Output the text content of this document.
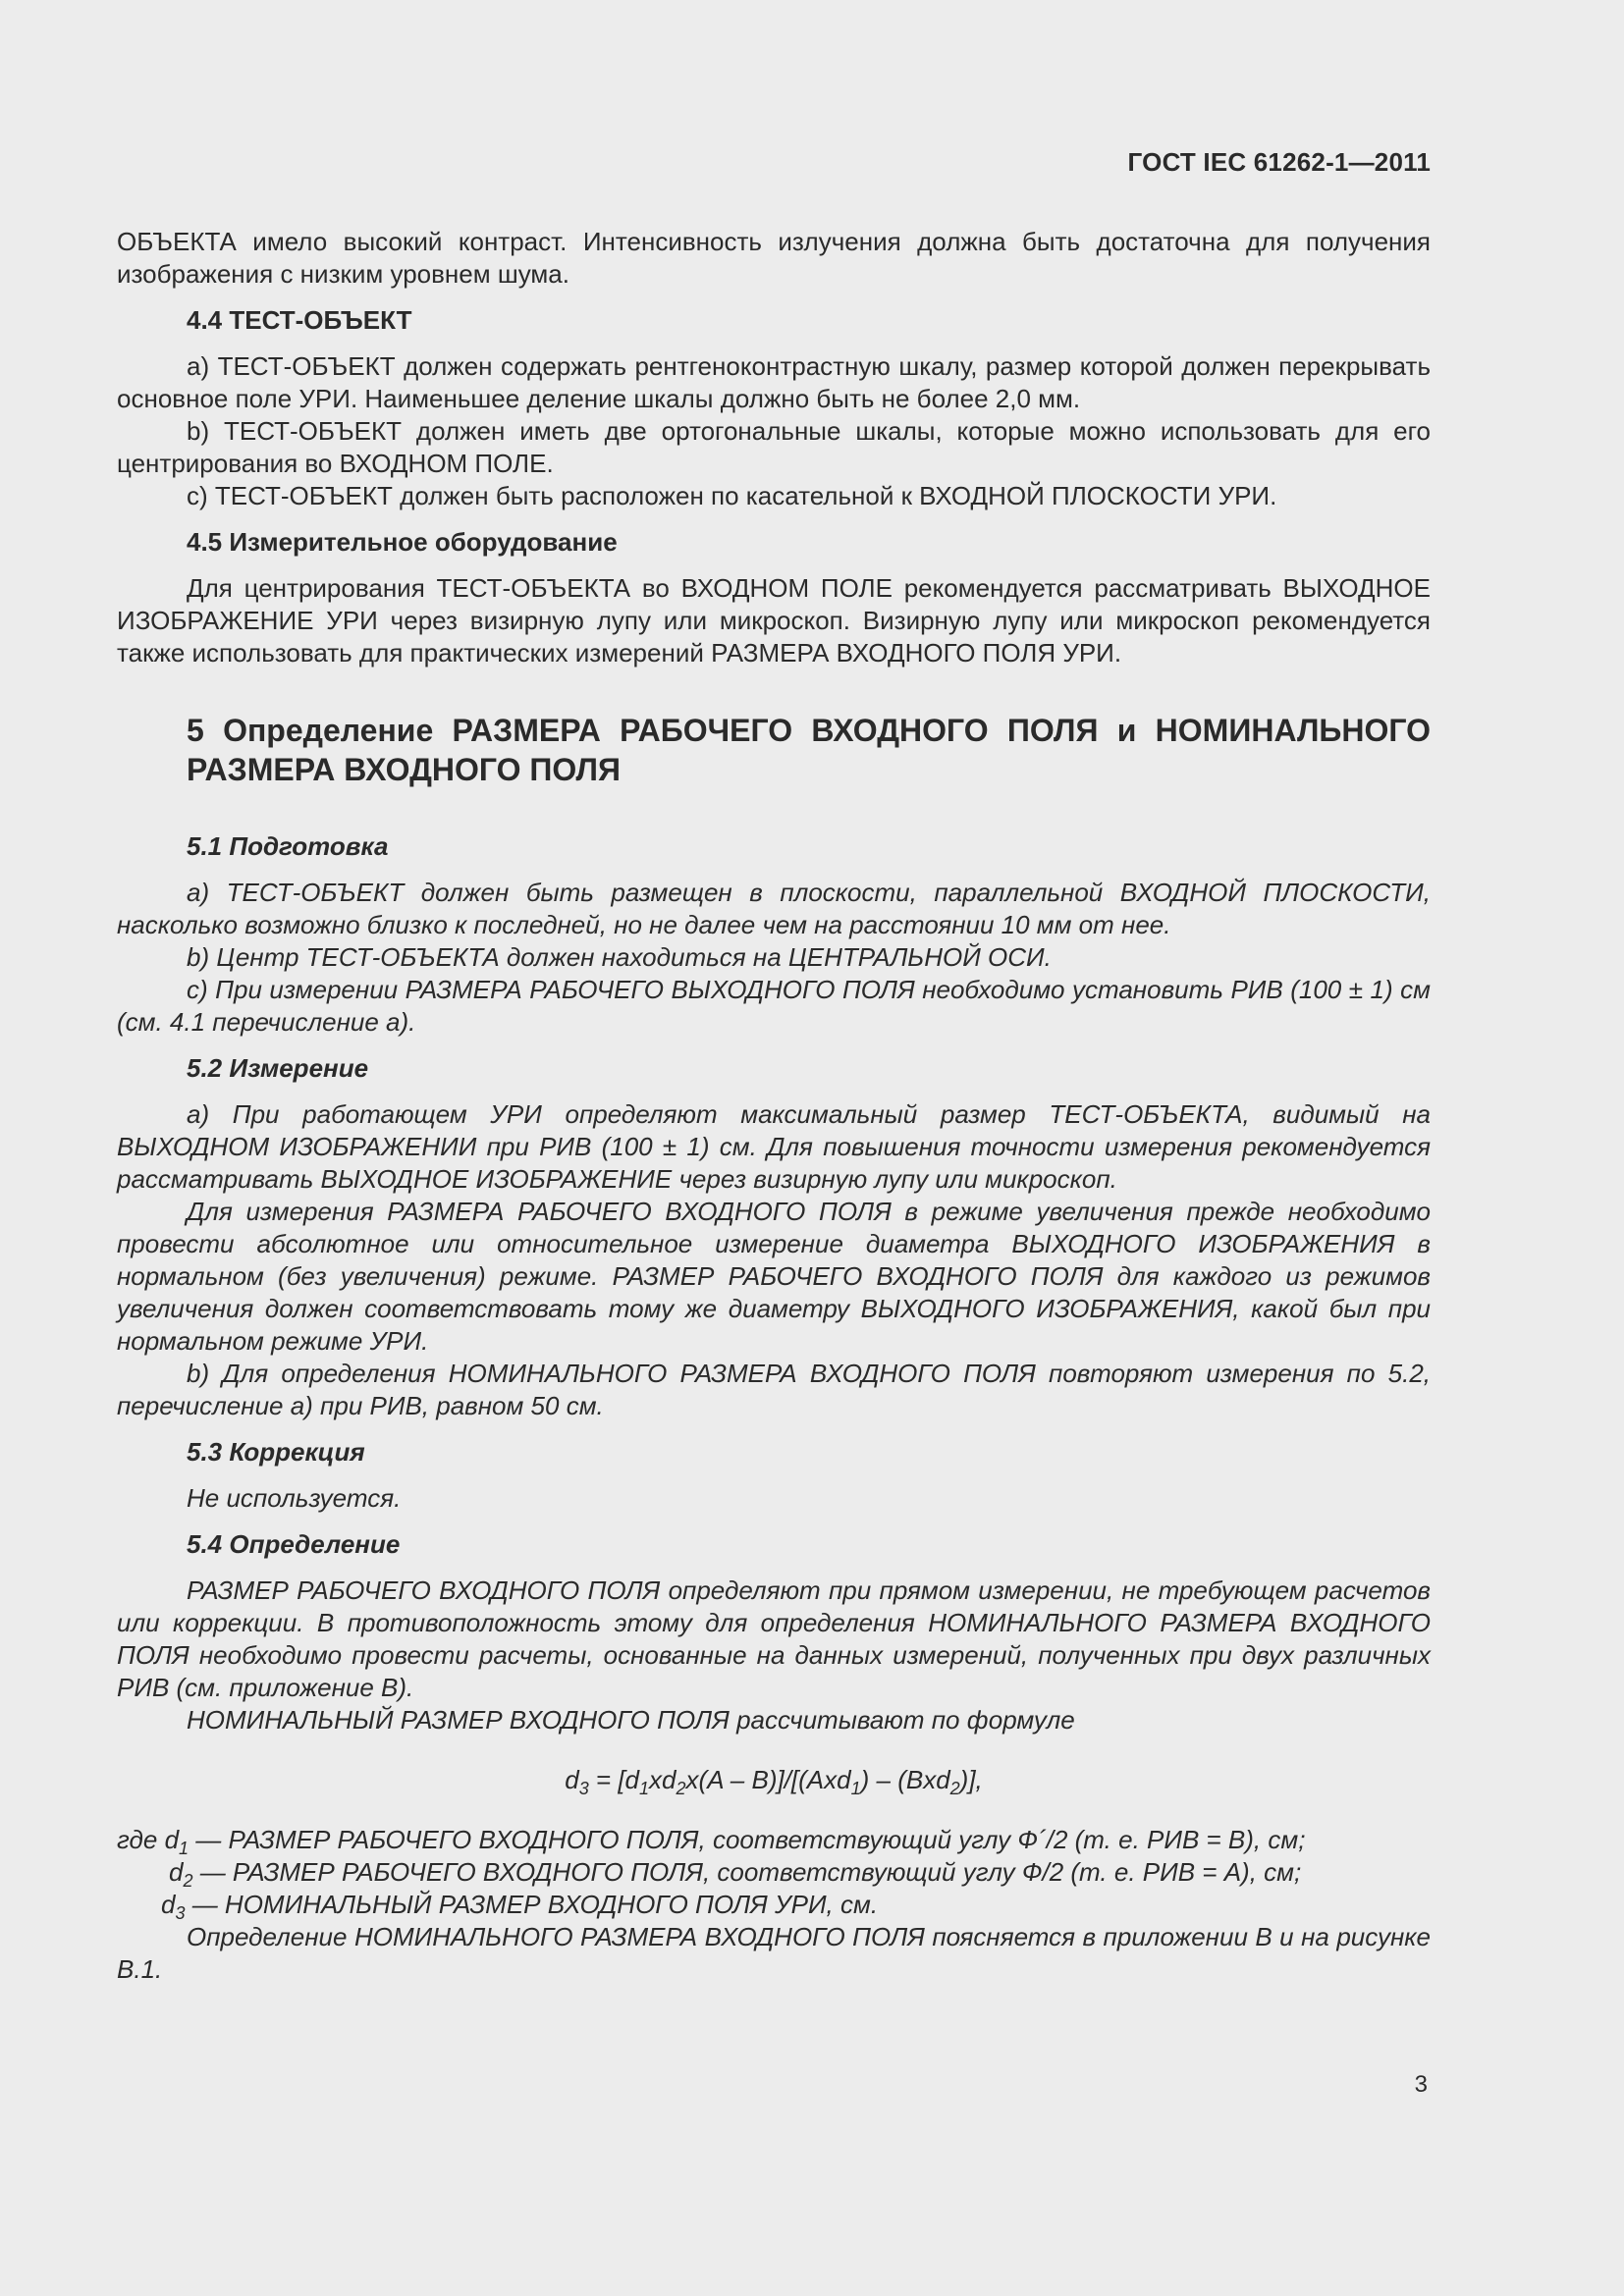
ГОСТ IEC 61262-1—2011

ОБЪЕКТА имело высокий контраст. Интенсивность излучения должна быть достаточна для получения изображения с низким уровнем шума.

4.4 ТЕСТ-ОБЪЕКТ

a) ТЕСТ-ОБЪЕКТ должен содержать рентгеноконтрастную шкалу, размер которой должен перекрывать основное поле УРИ. Наименьшее деление шкалы должно быть не более 2,0 мм.

b) ТЕСТ-ОБЪЕКТ должен иметь две ортогональные шкалы, которые можно использовать для его центрирования во ВХОДНОМ ПОЛЕ.

c) ТЕСТ-ОБЪЕКТ должен быть расположен по касательной к ВХОДНОЙ ПЛОСКОСТИ УРИ.

4.5 Измерительное оборудование

Для центрирования ТЕСТ-ОБЪЕКТА во ВХОДНОМ ПОЛЕ рекомендуется рассматривать ВЫХОДНОЕ ИЗОБРАЖЕНИЕ УРИ через визирную лупу или микроскоп. Визирную лупу или микроскоп рекомендуется также использовать для практических измерений РАЗМЕРА ВХОДНОГО ПОЛЯ УРИ.

5 Определение РАЗМЕРА РАБОЧЕГО ВХОДНОГО ПОЛЯ и НОМИНАЛЬНОГО РАЗМЕРА ВХОДНОГО ПОЛЯ

5.1 Подготовка

a) ТЕСТ-ОБЪЕКТ должен быть размещен в плоскости, параллельной ВХОДНОЙ ПЛОСКОСТИ, насколько возможно близко к последней, но не далее чем на расстоянии 10 мм от нее.

b) Центр ТЕСТ-ОБЪЕКТА должен находиться на ЦЕНТРАЛЬНОЙ ОСИ.

c) При измерении РАЗМЕРА РАБОЧЕГО ВЫХОДНОГО ПОЛЯ необходимо установить РИВ (100 ± 1) см (см. 4.1 перечисление a).

5.2 Измерение

a) При работающем УРИ определяют максимальный размер ТЕСТ-ОБЪЕКТА, видимый на ВЫХОДНОМ ИЗОБРАЖЕНИИ при РИВ (100 ± 1) см. Для повышения точности измерения рекомендуется рассматривать ВЫХОДНОЕ ИЗОБРАЖЕНИЕ через визирную лупу или микроскоп.

Для измерения РАЗМЕРА РАБОЧЕГО ВХОДНОГО ПОЛЯ в режиме увеличения прежде необходимо провести абсолютное или относительное измерение диаметра ВЫХОДНОГО ИЗОБРАЖЕНИЯ в нормальном (без увеличения) режиме. РАЗМЕР РАБОЧЕГО ВХОДНОГО ПОЛЯ для каждого из режимов увеличения должен соответствовать тому же диаметру ВЫХОДНОГО ИЗОБРАЖЕНИЯ, какой был при нормальном режиме УРИ.

b) Для определения НОМИНАЛЬНОГО РАЗМЕРА ВХОДНОГО ПОЛЯ повторяют измерения по 5.2, перечисление a) при РИВ, равном 50 см.

5.3 Коррекция

Не используется.

5.4 Определение

РАЗМЕР РАБОЧЕГО ВХОДНОГО ПОЛЯ определяют при прямом измерении, не требующем расчетов или коррекции. В противоположность этому для определения НОМИНАЛЬНОГО РАЗМЕРА ВХОДНОГО ПОЛЯ необходимо провести расчеты, основанные на данных измерений, полученных при двух различных РИВ (см. приложение В).

НОМИНАЛЬНЫЙ РАЗМЕР ВХОДНОГО ПОЛЯ рассчитывают по формуле

$d_3 = [d_1xd_2x(A - B)]/[(Axd_1) - (Bxd_2)]$,

где $d_1$ — РАЗМЕР РАБОЧЕГО ВХОДНОГО ПОЛЯ, соответствующий углу Ф´/2 (т. е. РИВ = В), см;

$d_2$ — РАЗМЕР РАБОЧЕГО ВХОДНОГО ПОЛЯ, соответствующий углу Ф/2 (т. е. РИВ = А), см;

$d_3$ — НОМИНАЛЬНЫЙ РАЗМЕР ВХОДНОГО ПОЛЯ УРИ, см.

Определение НОМИНАЛЬНОГО РАЗМЕРА ВХОДНОГО ПОЛЯ поясняется в приложении В и на рисунке В.1.

3
